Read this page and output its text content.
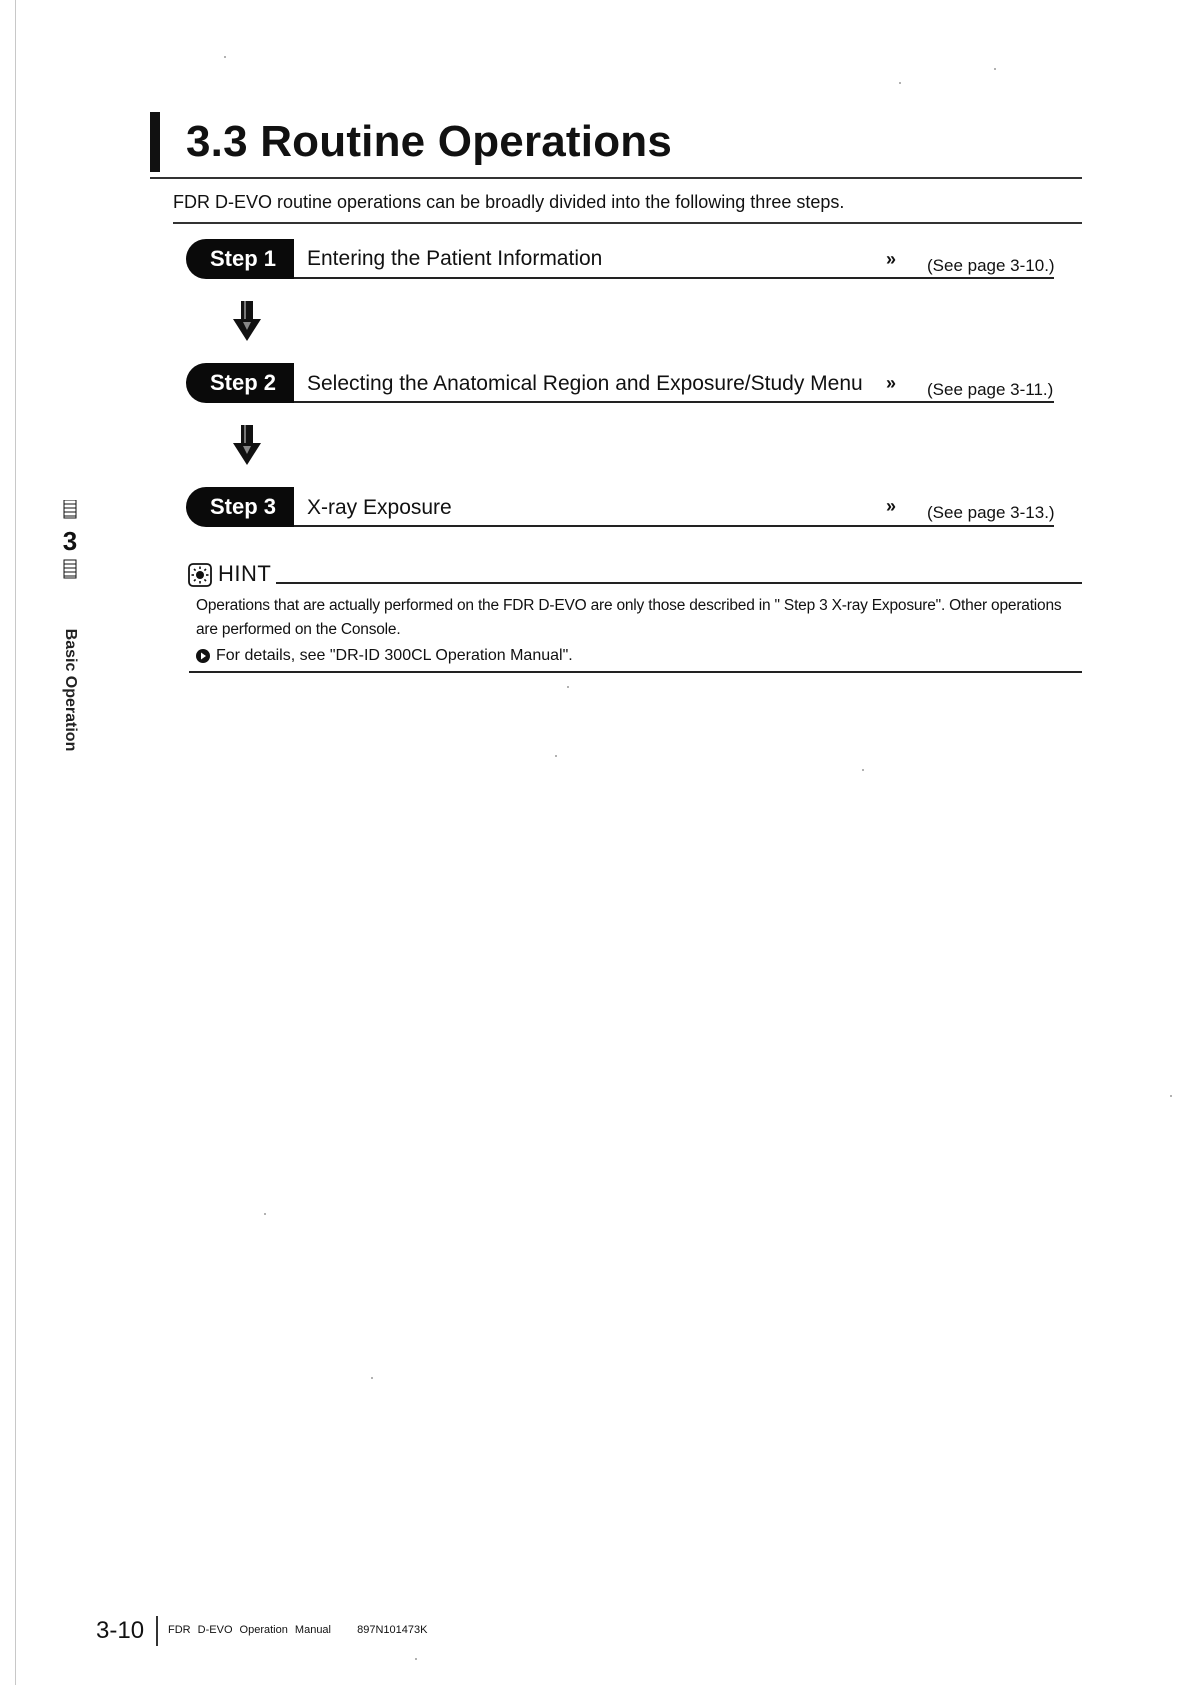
3.3 Routine Operations
FDR D-EVO routine operations can be broadly divided into the following three steps.
Step 1	Entering the Patient Information	» (See page 3-10.)
Step 2	Selecting the Anatomical Region and Exposure/Study Menu » (See page 3-11.)
Step 3	X-ray Exposure	» (See page 3-13.)
HINT
Operations that are actually performed on the FDR D-EVO are only those described in " Step 3 X-ray Exposure". Other operations are performed on the Console.
For details, see "DR-ID 300CL Operation Manual".
3
Basic Operation
3-10 FDR D-EVO Operation Manual 897N101473K
